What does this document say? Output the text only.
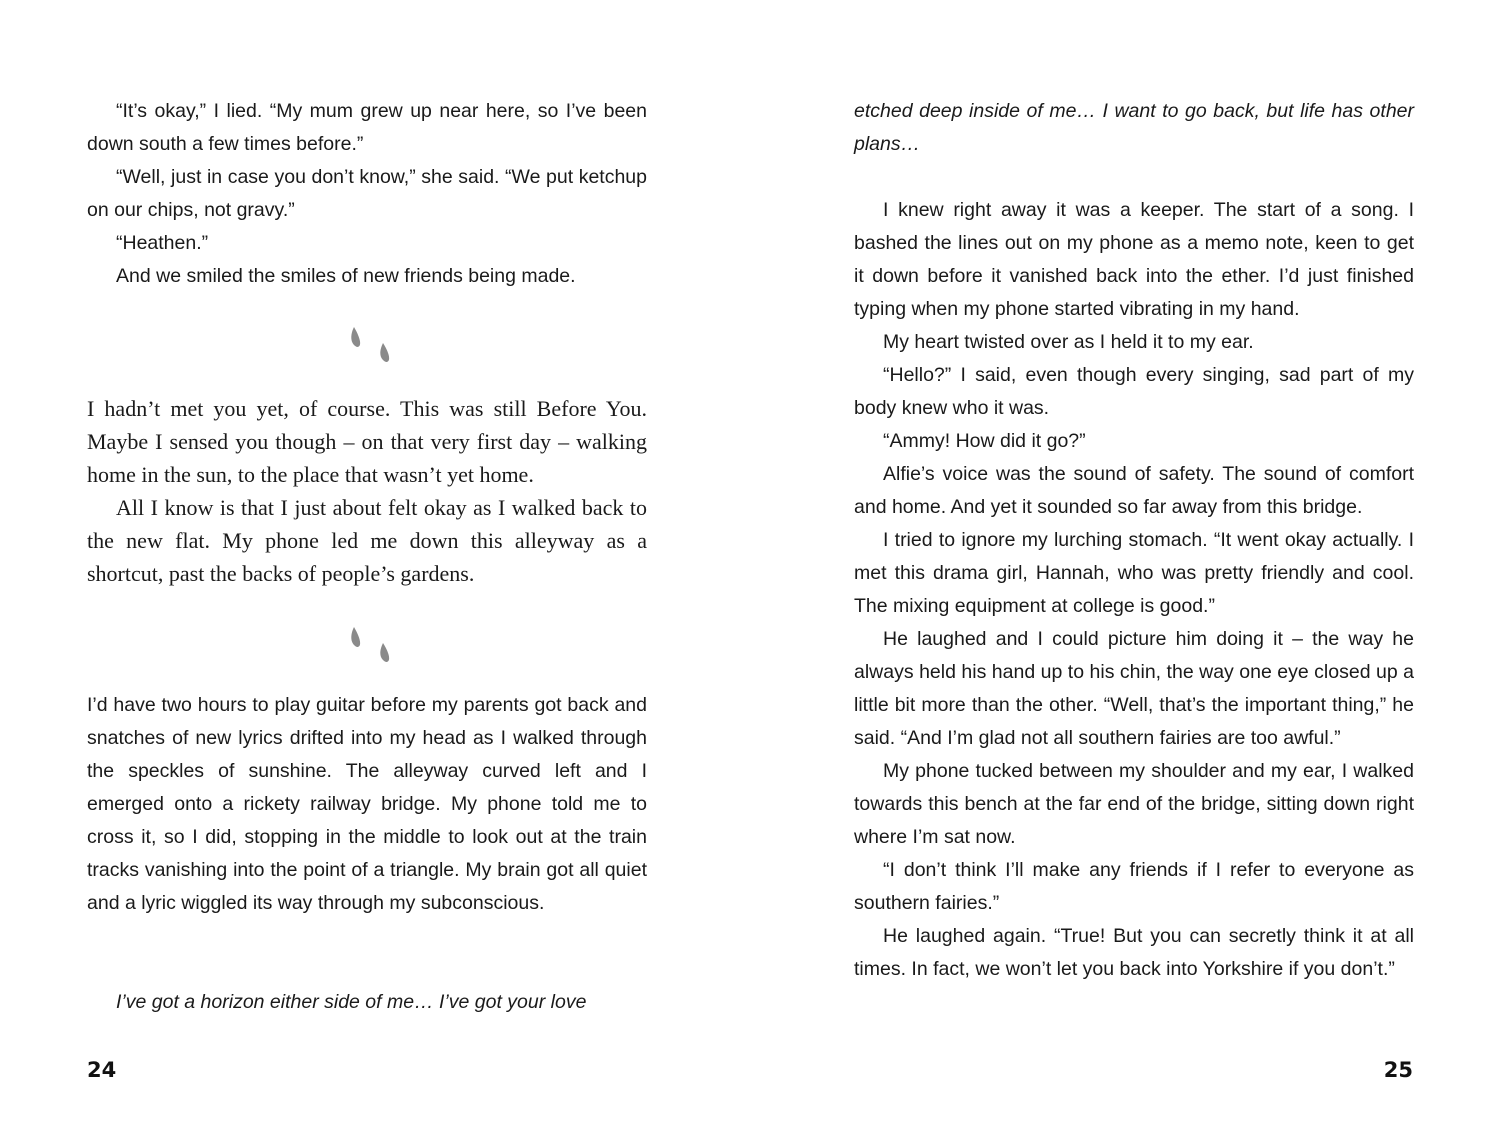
“It’s okay,” I lied. “My mum grew up near here, so I’ve been down south a few times before.”

“Well, just in case you don’t know,” she said. “We put ketchup on our chips, not gravy.”

“Heathen.”

And we smiled the smiles of new friends being made.

I hadn’t met you yet, of course. This was still Before You. Maybe I sensed you though – on that very first day – walking home in the sun, to the place that wasn’t yet home.

All I know is that I just about felt okay as I walked back to the new flat. My phone led me down this alleyway as a shortcut, past the backs of people’s gardens.

I’d have two hours to play guitar before my parents got back and snatches of new lyrics drifted into my head as I walked through the speckles of sunshine. The alleyway curved left and I emerged onto a rickety railway bridge. My phone told me to cross it, so I did, stopping in the middle to look out at the train tracks vanishing into the point of a triangle. My brain got all quiet and a lyric wiggled its way through my subconscious.

I’ve got a horizon either side of me… I’ve got your love

24

etched deep inside of me… I want to go back, but life has other plans…

I knew right away it was a keeper. The start of a song. I bashed the lines out on my phone as a memo note, keen to get it down before it vanished back into the ether. I’d just finished typing when my phone started vibrating in my hand.

My heart twisted over as I held it to my ear.

“Hello?” I said, even though every singing, sad part of my body knew who it was.

“Ammy! How did it go?”

Alfie’s voice was the sound of safety. The sound of comfort and home. And yet it sounded so far away from this bridge.

I tried to ignore my lurching stomach. “It went okay actually. I met this drama girl, Hannah, who was pretty friendly and cool. The mixing equipment at college is good.”

He laughed and I could picture him doing it – the way he always held his hand up to his chin, the way one eye closed up a little bit more than the other. “Well, that’s the important thing,” he said. “And I’m glad not all southern fairies are too awful.”

My phone tucked between my shoulder and my ear, I walked towards this bench at the far end of the bridge, sitting down right where I’m sat now.

“I don’t think I’ll make any friends if I refer to everyone as southern fairies.”

He laughed again. “True! But you can secretly think it at all times. In fact, we won’t let you back into Yorkshire if you don’t.”

25
